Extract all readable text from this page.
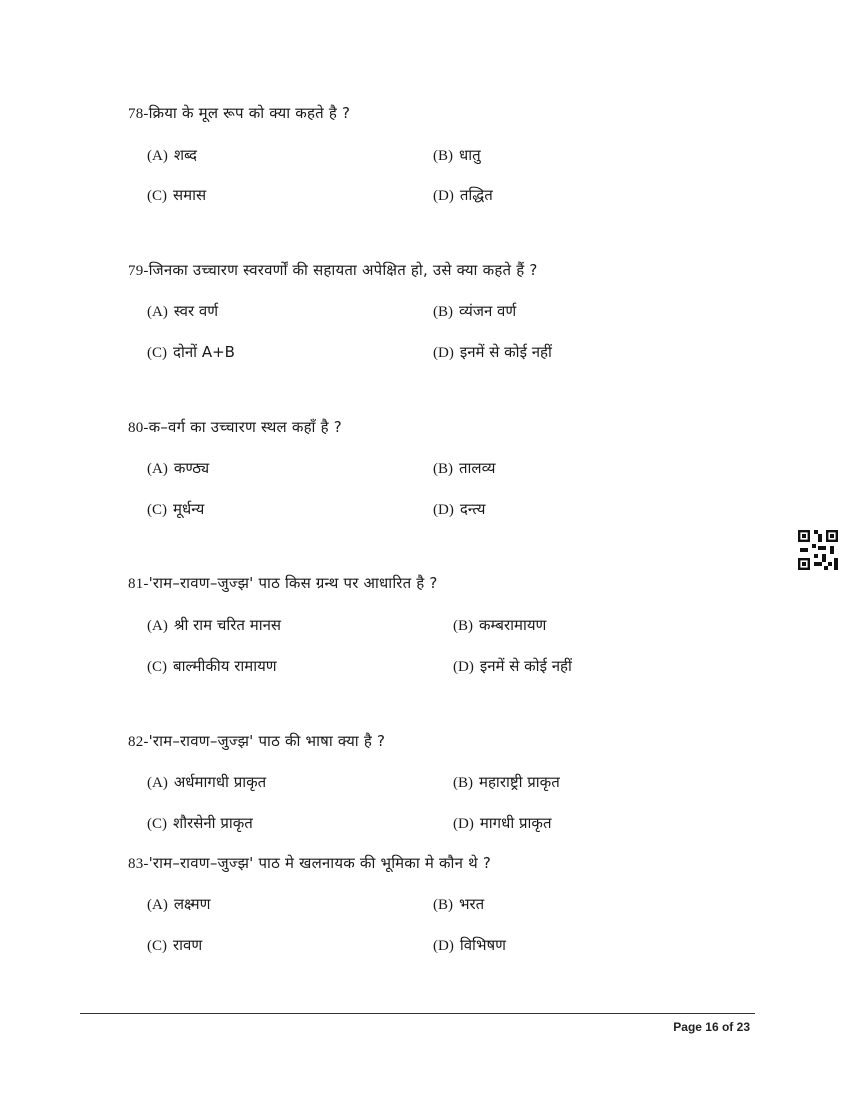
78-क्रिया के मूल रूप को क्या कहते है ?
(A) शब्द	(B) धातु
(C) समास	(D) तद्धित
79-जिनका उच्चारण स्वरवर्णों की सहायता अपेक्षित हो, उसे क्या कहते हैं ?
(A) स्वर वर्ण	(B) व्यंजन वर्ण
(C) दोनों A+B	(D) इनमें से कोई नहीं
80-क–वर्ग का उच्चारण स्थल कहाँ है ?
(A) कण्ठ्य	(B) तालव्य
(C) मूर्धन्य	(D) दन्त्य
81-'राम–रावण–जुज्झ' पाठ किस ग्रन्थ पर आधारित है ?
(A) श्री राम चरित मानस	(B) कम्बरामायण
(C) बाल्मीकीय रामायण	(D) इनमें से कोई नहीं
82-'राम–रावण–जुज्झ' पाठ की भाषा क्या है ?
(A) अर्धमागधी प्राकृत	(B) महाराष्ट्री प्राकृत
(C) शौरसेनी प्राकृत	(D) मागधी प्राकृत
83-'राम–रावण–जुज्झ' पाठ मे खलनायक की भूमिका मे कौन थे ?
(A) लक्ष्मण	(B) भरत
(C) रावण	(D) विभिषण
Page 16 of 23
